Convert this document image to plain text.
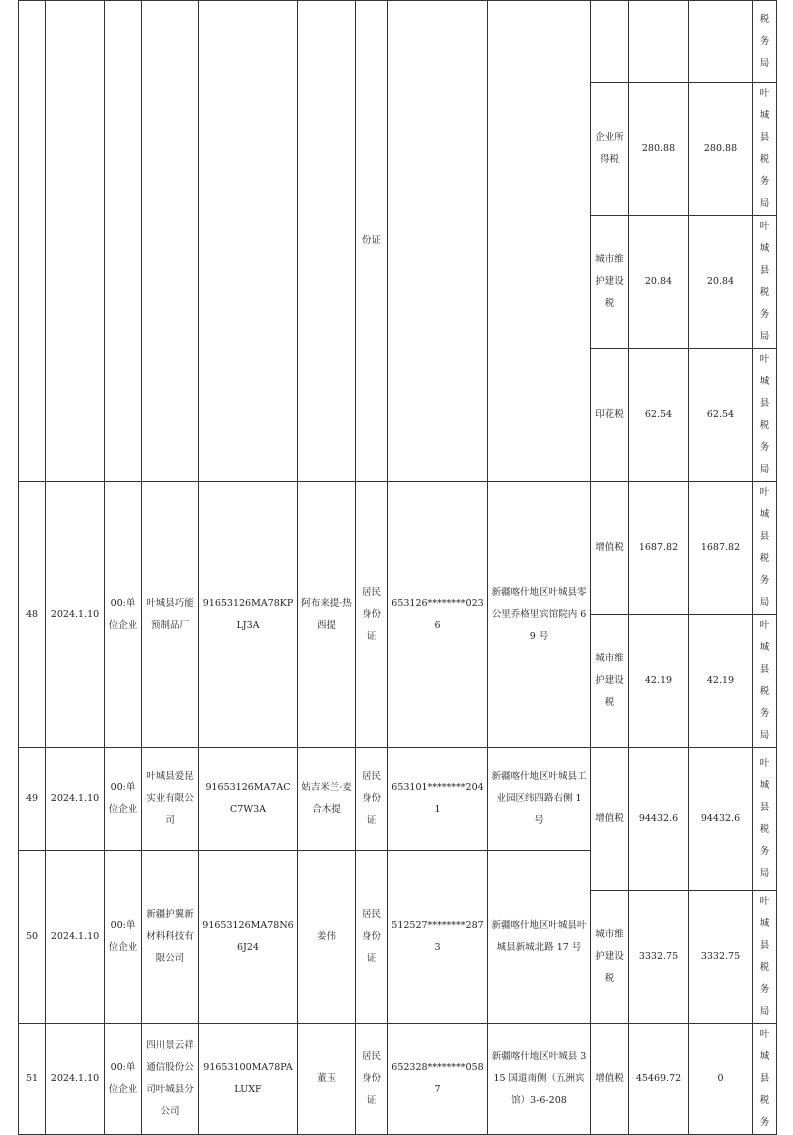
						份证						税务局
									企业所得税	280.88	280.88	叶城县税务局
									城市维护建设税	20.84	20.84	叶城县税务局
									印花税	62.54	62.54	叶城县税务局
48	2024.1.10	00:单位企业	叶城县巧能预制品厂	91653126MA78KPLJ3A	阿布来提·热西提	居民身份证	653126********0236	新疆喀什地区叶城县零公里乔格里宾馆院内 69 号	增值税	1687.82	1687.82	叶城县税务局
									城市维护建设税	42.19	42.19	叶城县税务局
49	2024.1.10	00:单位企业	叶城县爱昆实业有限公司	91653126MA7ACC7W3A	姑吉米兰·麦合木提	居民身份证	653101********2041	新疆喀什地区叶城县工业园区纬四路右侧 1 号	增值税	94432.6	94432.6	叶城县税务局
50	2024.1.10	00:单位企业	新疆护翼新材料科技有限公司	91653126MA78N66J24	姜伟	居民身份证	512527********2873	新疆喀什地区叶城县叶城县新城北路 17 号				
									城市维护建设税	3332.75	3332.75	叶城县税务局
51	2024.1.10	00:单位企业	四川景云祥通信股份公司叶城县分公司	91653100MA78PALUXF	董玉	居民身份证	652328********0587	新疆喀什地区叶城县 315 国道南侧（五洲宾馆）3-6-208	增值税	45469.72	0	叶城县税务
